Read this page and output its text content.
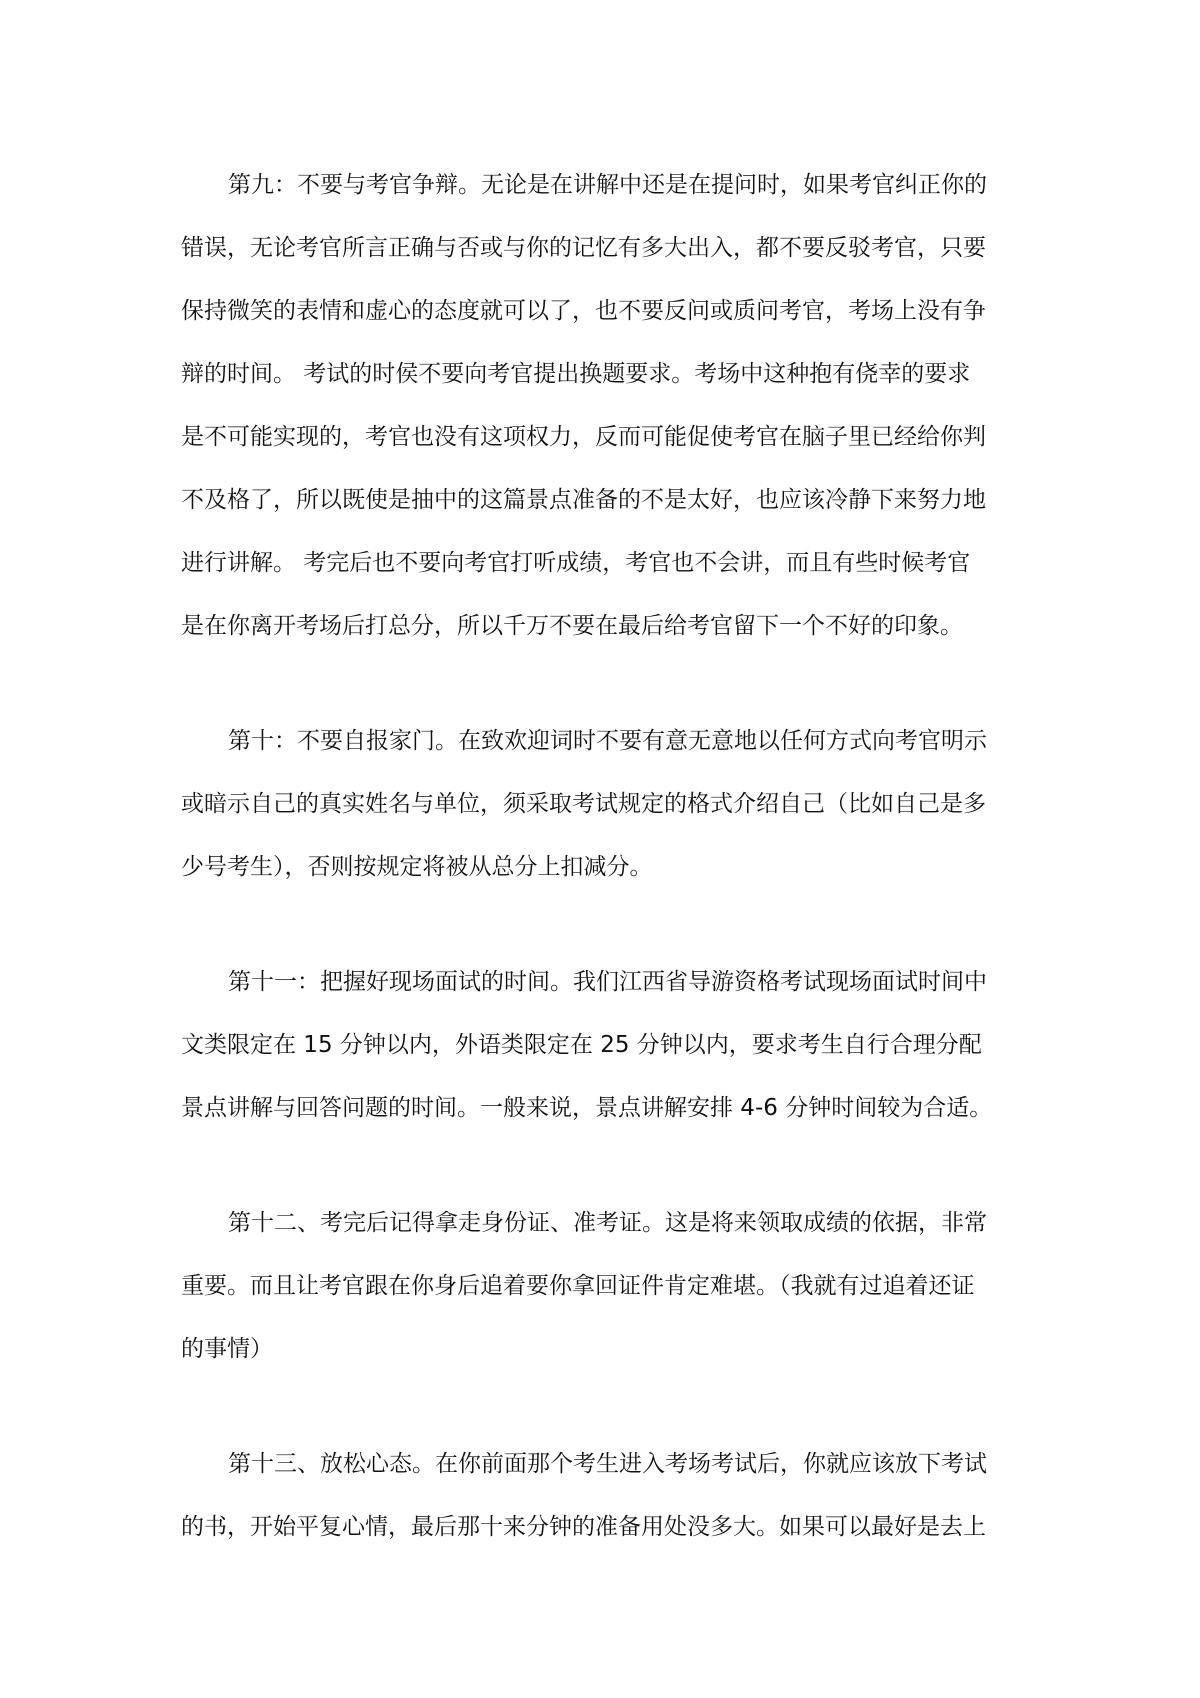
第九：不要与考官争辩。无论是在讲解中还是在提问时，如果考官纠正你的
错误，无论考官所言正确与否或与你的记忆有多大出入，都不要反驳考官，只要
保持微笑的表情和虚心的态度就可以了，也不要反问或质问考官，考场上没有争
辩的时间。 考试的时侯不要向考官提出换题要求。考场中这种抱有侥幸的要求
是不可能实现的，考官也没有这项权力，反而可能促使考官在脑子里已经给你判
不及格了，所以既使是抽中的这篇景点准备的不是太好，也应该冷静下来努力地
进行讲解。 考完后也不要向考官打听成绩，考官也不会讲，而且有些时候考官
是在你离开考场后打总分，所以千万不要在最后给考官留下一个不好的印象。
第十：不要自报家门。在致欢迎词时不要有意无意地以任何方式向考官明示
或暗示自己的真实姓名与单位，须采取考试规定的格式介绍自己（比如自己是多
少号考生），否则按规定将被从总分上扣减分。
第十一：把握好现场面试的时间。我们江西省导游资格考试现场面试时间中
文类限定在 15 分钟以内，外语类限定在 25 分钟以内，要求考生自行合理分配
景点讲解与回答问题的时间。一般来说，景点讲解安排 4-6 分钟时间较为合适。
第十二、考完后记得拿走身份证、准考证。这是将来领取成绩的依据，非常
重要。而且让考官跟在你身后追着要你拿回证件肯定难堪。（我就有过追着还证
的事情）
第十三、放松心态。在你前面那个考生进入考场考试后，你就应该放下考试
的书，开始平复心情，最后那十来分钟的准备用处没多大。如果可以最好是去上
